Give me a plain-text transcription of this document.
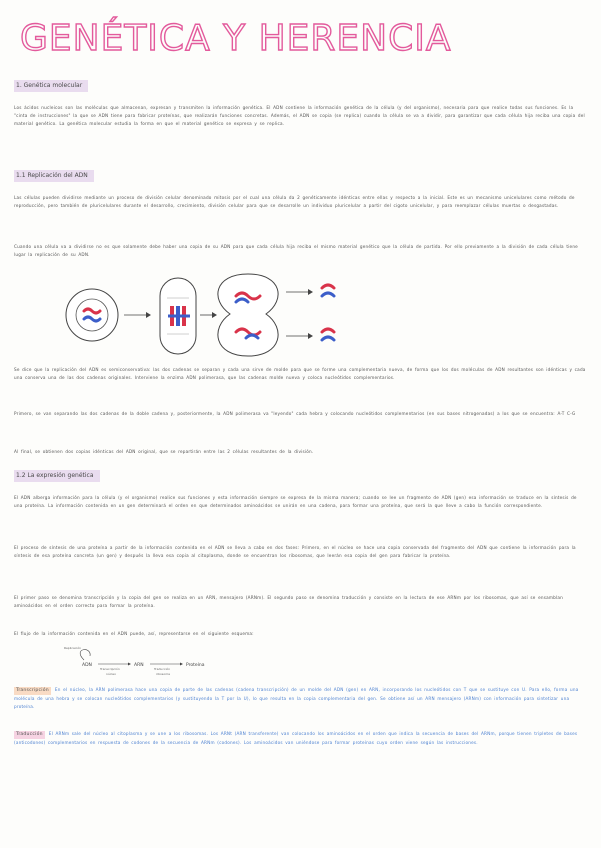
GENÉTICA Y HERENCIA
1. Genética molecular
Los ácidos nucleicos son las moléculas que almacenan, expresan y transmiten la información genética. El ADN contiene la información genética de la célula (y del organismo), necesaria para que realice todas sus funciones. Es la "cinta de instrucciones" la que se ADN tiene para fabricar proteínas, que realizarán funciones concretas. Además, el ADN se copia (se replica) cuando la célula se va a dividir, para garantizar que cada célula hija reciba una copia del material genético. La genética molecular estudia la forma en que el material genético se expresa y se replica.
1.1 Replicación del ADN
Las células pueden dividirse mediante un proceso de división celular denominado mitosis por el cual una célula da 2 genéticamente idénticas entre ellas y respecto a la inicial. Este es un mecanismo unicelulares como método de reproducción, pero también de pluricelulares durante el desarrollo, crecimiento, división celular para que se desarrolle un individuo pluricelular a partir del cigoto unicelular, y para reemplazar células muertas o desgastadas.
Cuando una célula va a dividirse no es que solamente debe haber una copia de su ADN para que cada célula hija reciba el mismo material genético que la célula de partida. Por ello previamente a la división de cada célula tiene lugar la replicación de su ADN.
Se dice que la replicación del ADN es semiconservativa: las dos cadenas se separan y cada una sirve de molde para que se forme una complementaria nueva, de forma que los dos moléculas de ADN resultantes son idénticas y cada una conserva una de las dos cadenas originales. Interviene la enzima ADN polimerasa, que las cadenas molde nueva y coloca nucleótidos complementarios.
Primero, se van separando las dos cadenas de la doble cadena y, posteriormente, la ADN polimerasa va "leyendo" cada hebra y colocando nucleótidos complementarios (en sus bases nitrogenadas) a los que se encuentra: A-T C-G
Al final, se obtienen dos copias idénticas del ADN original, que se repartirán entre las 2 células resultantes de la división.
1.2 La expresión genética
El ADN alberga información para la célula (y el organismo) realice sus funciones y esta información siempre se expresa de la misma manera; cuando se lee un fragmento de ADN (gen) esa información se traduce en la síntesis de una proteína. La información contenida en un gen determinará el orden en que determinados aminoácidos se unirán en una cadena, para formar una proteína, que será la que lleve a cabo la función correspondiente.
El proceso de síntesis de una proteína a partir de la información contenida en el ADN se lleva a cabo en dos fases: Primero, en el núcleo se hace una copia conservada del fragmento del ADN que contiene la información para la síntesis de esa proteína concreta (un gen) y después la lleva esa copia al citoplasma, donde se encuentran los ribosomas, que leerán esa copia del gen para fabricar la proteína.
El primer paso se denomina transcripción y la copia del gen se realiza en un ARN, mensajero (ARNm). El segundo paso se denomina traducción y consiste en la lectura de ese ARNm por los ribosomas, que así se ensamblan aminoácidos en el orden correcto para formar la proteína.
El flujo de la información contenida en el ADN puede, así, representarse en el siguiente esquema:
Replicación
ADN
Transcripción
núcleo
ARN
Traducción
ribosoma
Proteína
Transcripción En el núcleo, la ARN polimerasa hace una copia de parte de las cadenas (cadena transcripción) de un molde del ADN (gen) en ARN, incorporando los nucleótidos con T que se sustituye con U. Para ello, forma una molécula de una hebra y se colocan nucleótidos complementarios (y sustituyendo la T por la U), lo que resulta en la copia complementaria del gen. Se obtiene así un ARN mensajero (ARNm) con información para sintetizar una proteína.
Traducción El ARNm sale del núcleo al citoplasma y se une a los ribosomas. Los ARNt (ARN transferente) van colocando los aminoácidos en el orden que indica la secuencia de bases del ARNm, porque tienen tripletes de bases (anticodones) complementarios en respuesta de codones de la secuencia de ARNm (codones). Los aminoácidos van uniéndose para formar proteínas cuyo orden viene según las instrucciones.
